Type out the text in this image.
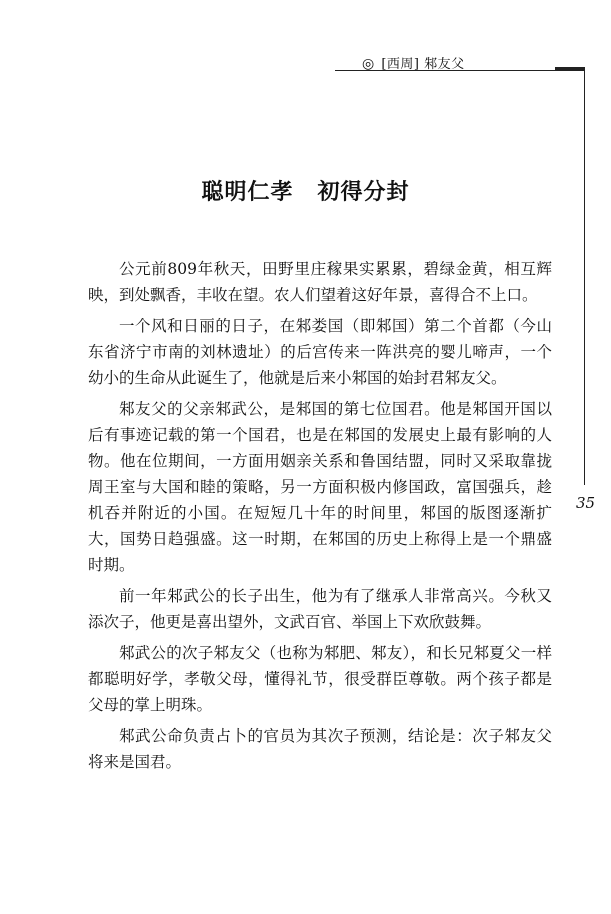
◎ [西周] 邾友父
35
聪明仁孝 初得分封

公元前809年秋天，田野里庄稼果实累累，碧绿金黄，相互辉映，到处飘香，丰收在望。农人们望着这好年景，喜得合不上口。

一个风和日丽的日子，在邾娄国（即邾国）第二个首都（今山东省济宁市南的刘林遗址）的后宫传来一阵洪亮的婴儿啼声，一个幼小的生命从此诞生了，他就是后来小邾国的始封君邾友父。

邾友父的父亲邾武公，是邾国的第七位国君。他是邾国开国以后有事迹记载的第一个国君，也是在邾国的发展史上最有影响的人物。他在位期间，一方面用姻亲关系和鲁国结盟，同时又采取靠拢周王室与大国和睦的策略，另一方面积极内修国政，富国强兵，趁机吞并附近的小国。在短短几十年的时间里，邾国的版图逐渐扩大，国势日趋强盛。这一时期，在邾国的历史上称得上是一个鼎盛时期。

前一年邾武公的长子出生，他为有了继承人非常高兴。今秋又添次子，他更是喜出望外，文武百官、举国上下欢欣鼓舞。

邾武公的次子邾友父（也称为邾肥、邾友），和长兄邾夏父一样都聪明好学，孝敬父母，懂得礼节，很受群臣尊敬。两个孩子都是父母的掌上明珠。

邾武公命负责占卜的官员为其次子预测，结论是：次子邾友父将来是国君。
